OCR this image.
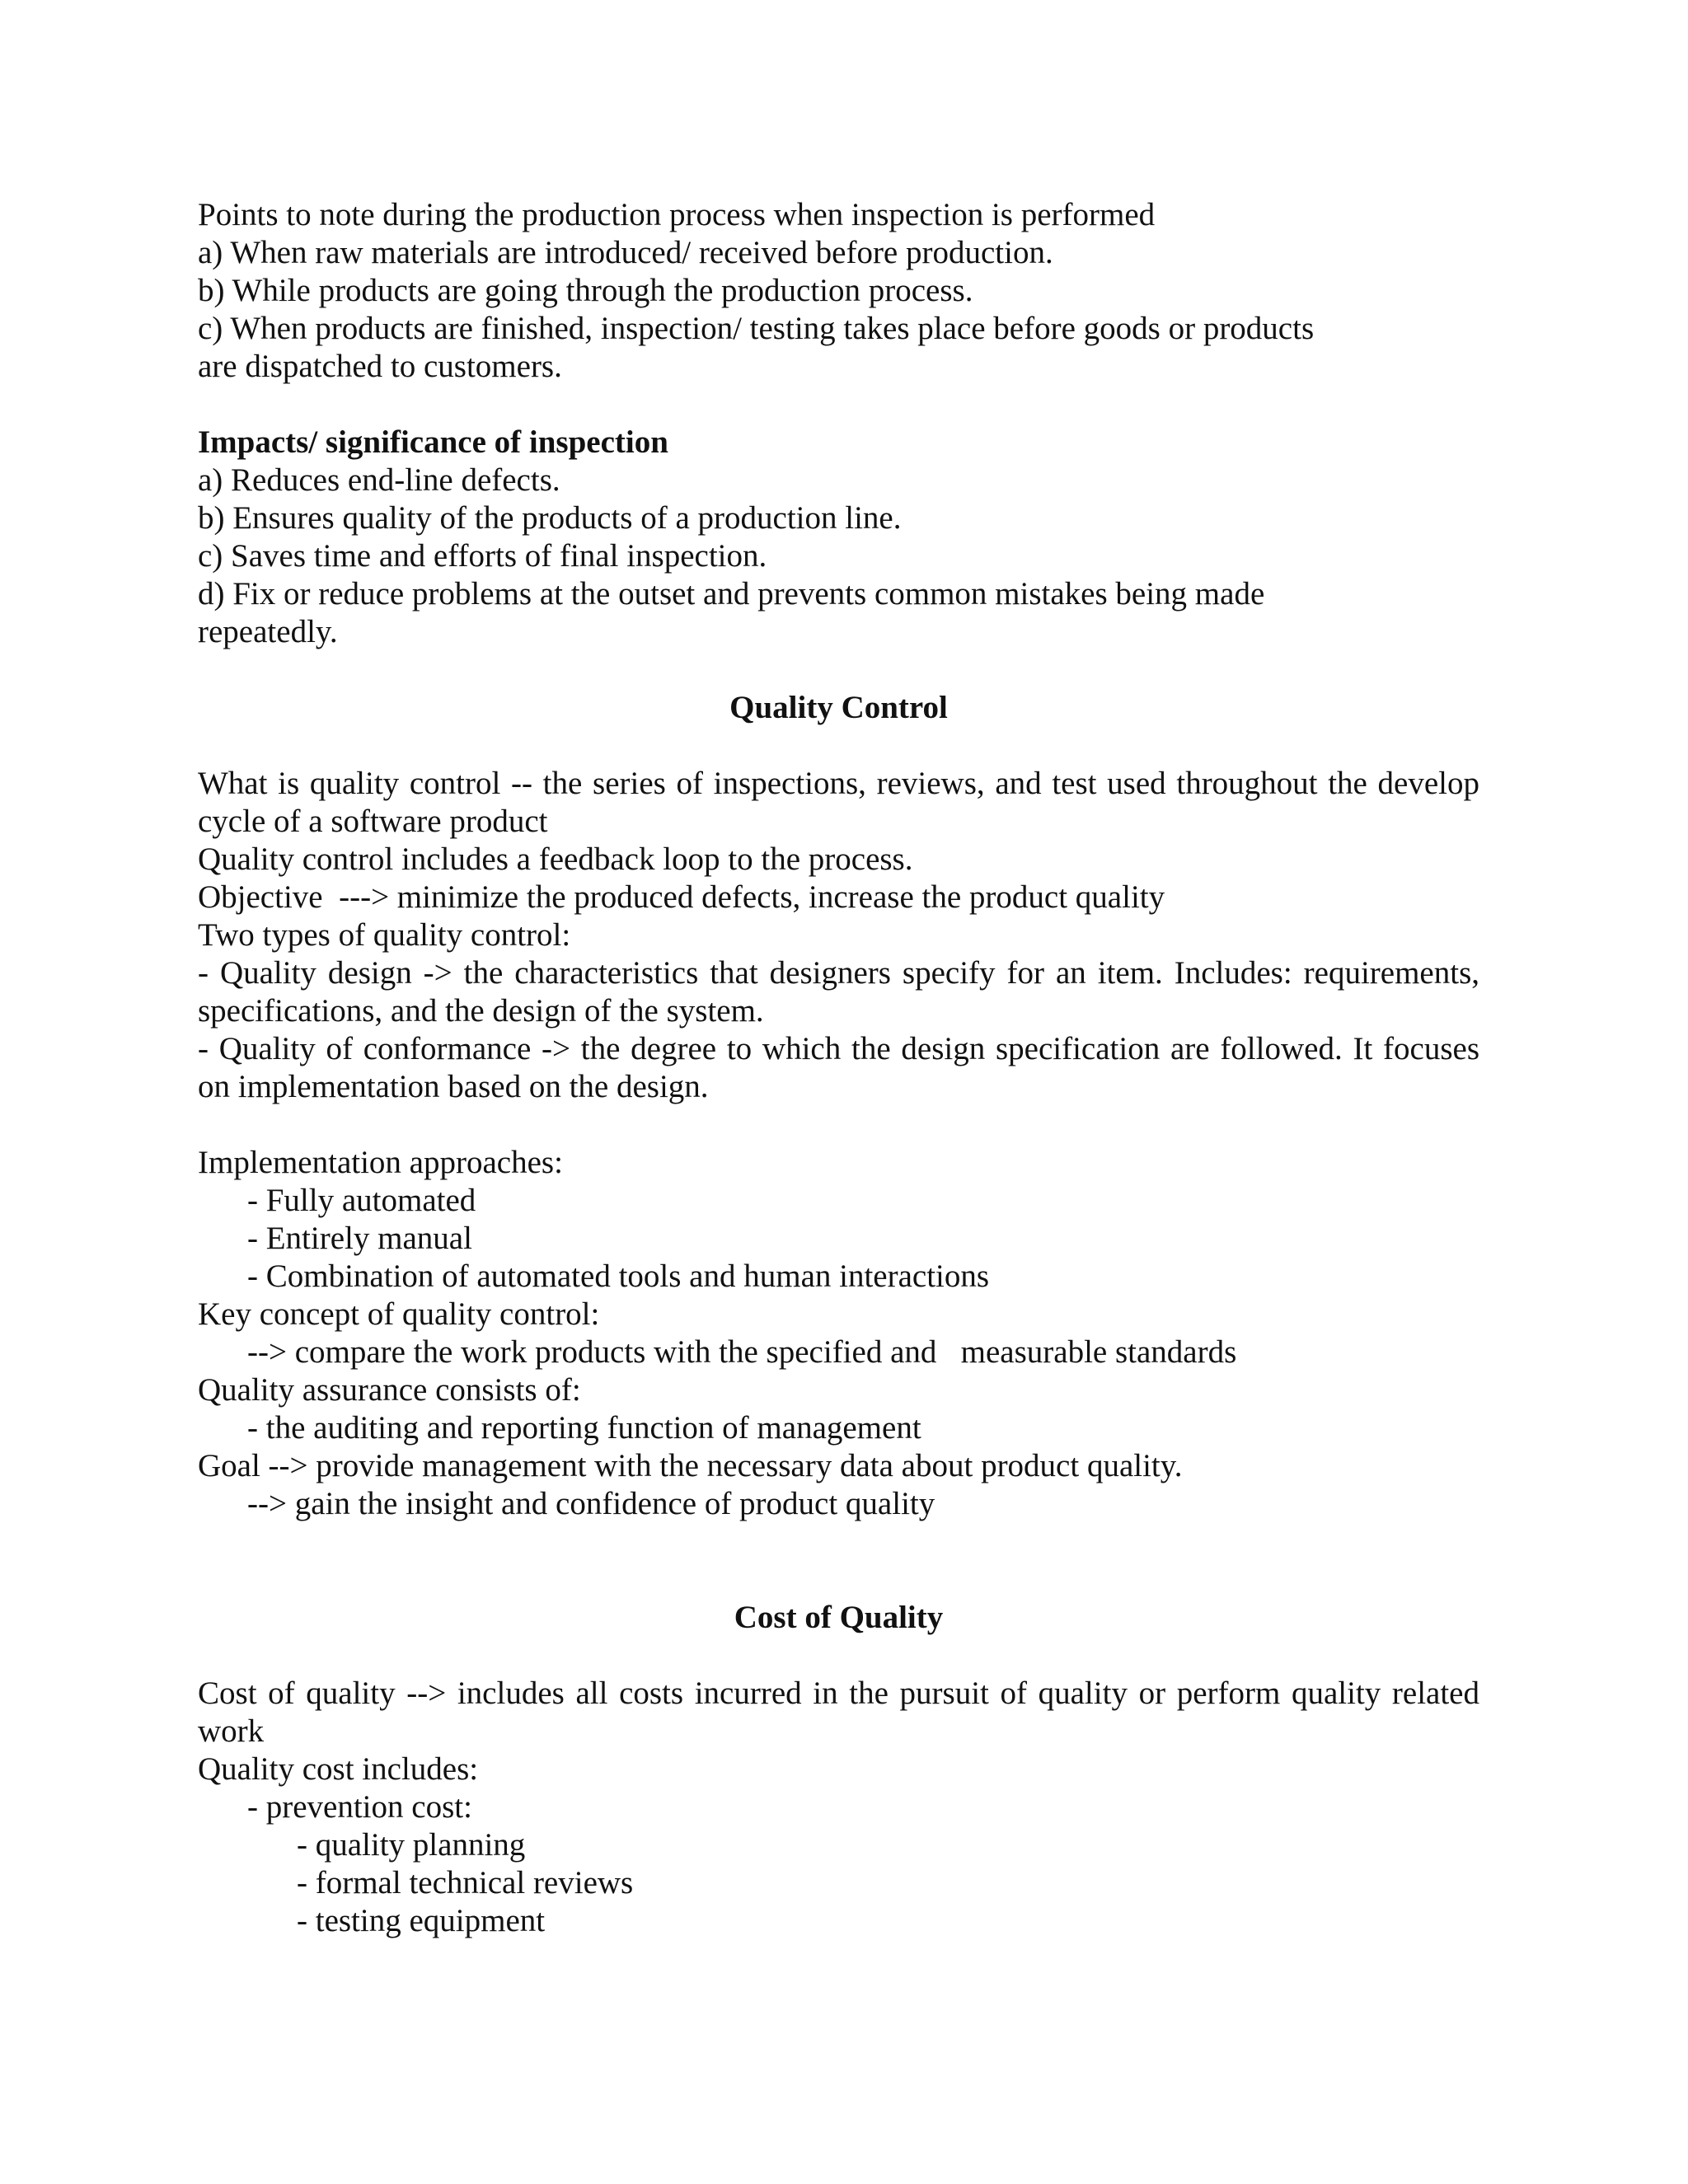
Points to note during the production process when inspection is performed
a) When raw materials are introduced/ received before production.
b) While products are going through the production process.
c) When products are finished, inspection/ testing takes place before goods or products
are dispatched to customers.
Impacts/ significance of inspection
a) Reduces end-line defects.
b) Ensures quality of the products of a production line.
c) Saves time and efforts of final inspection.
d) Fix or reduce problems at the outset and prevents common mistakes being made
repeatedly.
Quality Control
What is quality control -- the series of inspections, reviews, and test used throughout the develop cycle of a software product
Quality control includes a feedback loop to the process.
Objective  ---> minimize the produced defects, increase the product quality
Two types of quality control:
- Quality design -> the characteristics that designers specify for an item. Includes: requirements, specifications, and the design of the system.
- Quality of conformance -> the degree to which the design specification are followed. It focuses on implementation based on the design.
Implementation approaches:
- Fully automated
- Entirely manual
- Combination of automated tools and human interactions
Key concept of quality control:
--> compare the work products with the specified and   measurable standards
Quality assurance consists of:
- the auditing and reporting function of management
Goal --> provide management with the necessary data about product quality.
--> gain the insight and confidence of product quality
Cost of Quality
Cost of quality --> includes all costs incurred in the pursuit of quality or perform quality related work
Quality cost includes:
- prevention cost:
- quality planning
- formal technical reviews
- testing equipment
